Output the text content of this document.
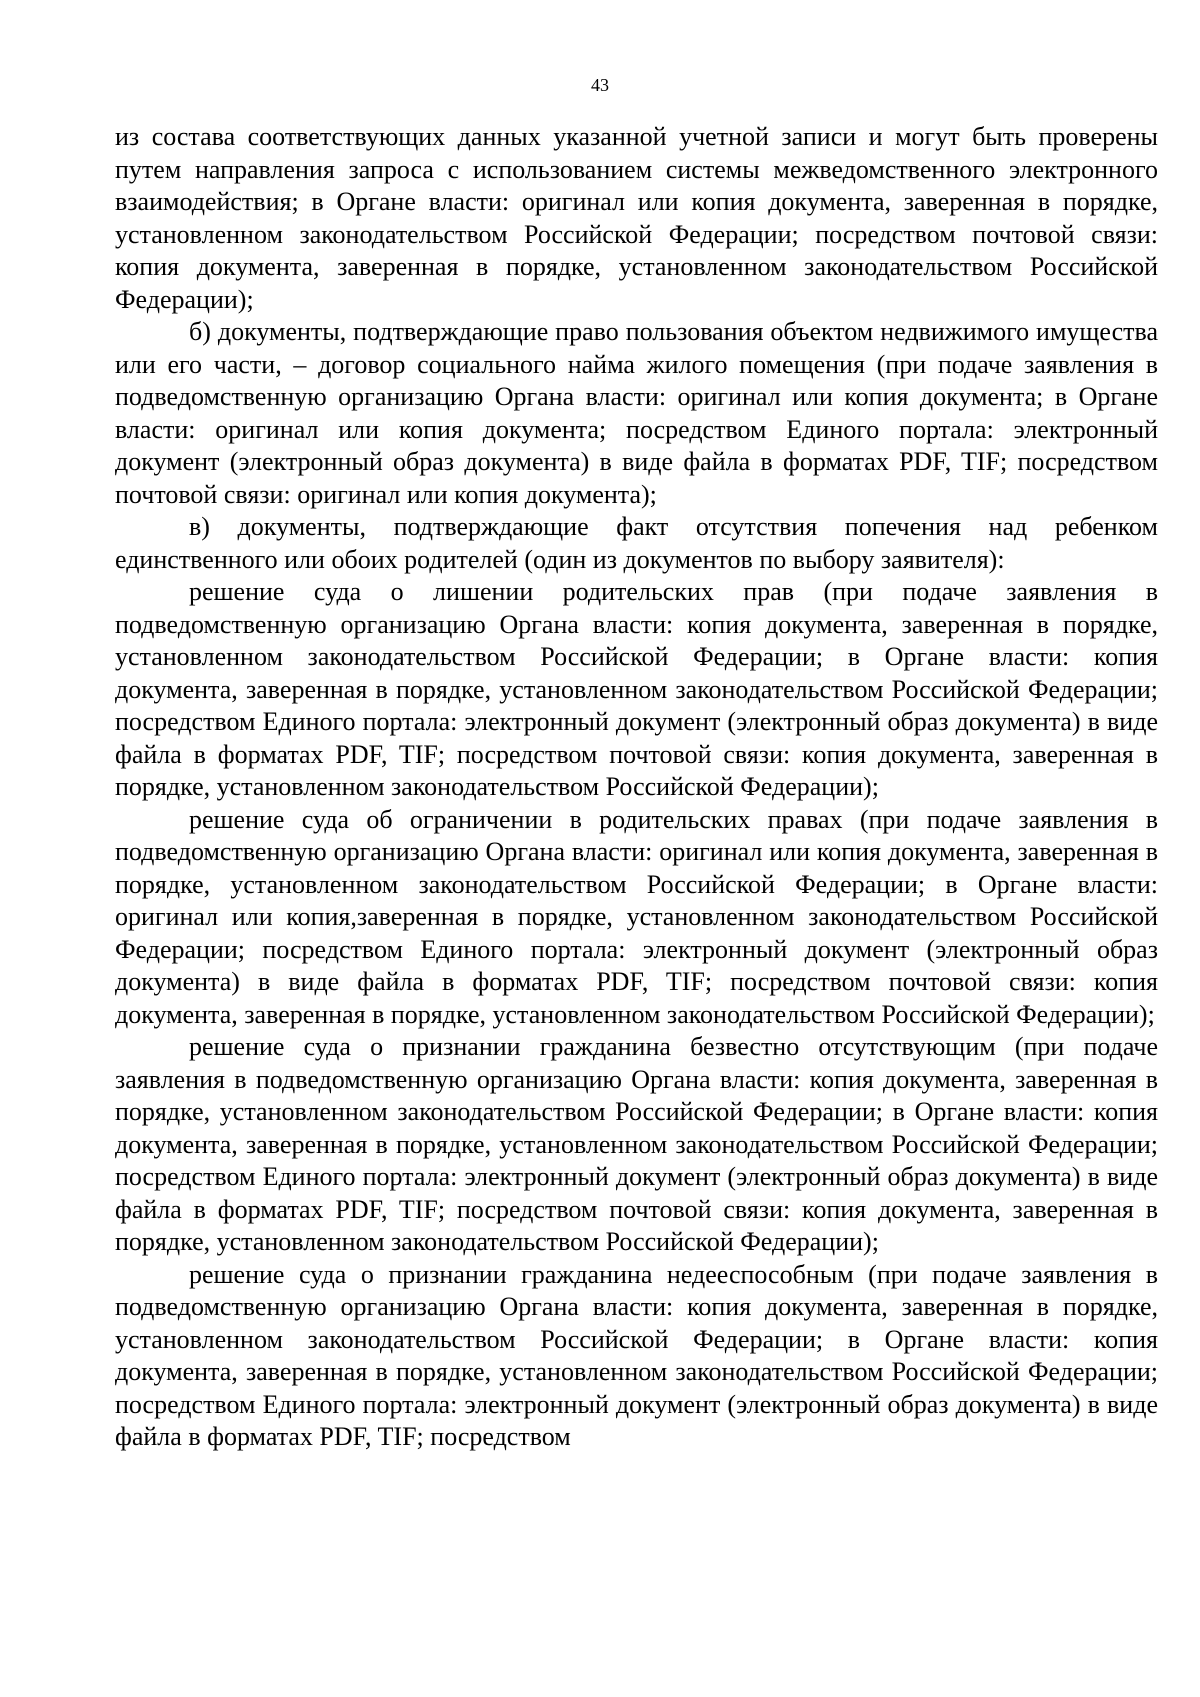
43

из состава соответствующих данных указанной учетной записи и могут быть проверены путем направления запроса с использованием системы межведомственного электронного взаимодействия; в Органе власти: оригинал или копия документа, заверенная в порядке, установленном законодательством Российской Федерации; посредством почтовой связи: копия документа, заверенная в порядке, установленном законодательством Российской Федерации);

б) документы, подтверждающие право пользования объектом недвижимого имущества или его части, – договор социального найма жилого помещения (при подаче заявления в подведомственную организацию Органа власти: оригинал или копия документа; в Органе власти: оригинал или копия документа; посредством Единого портала: электронный документ (электронный образ документа) в виде файла в форматах PDF, TIF; посредством почтовой связи: оригинал или копия документа);

в) документы, подтверждающие факт отсутствия попечения над ребенком единственного или обоих родителей (один из документов по выбору заявителя):

решение суда о лишении родительских прав (при подаче заявления в подведомственную организацию Органа власти: копия документа, заверенная в порядке, установленном законодательством Российской Федерации; в Органе власти: копия документа, заверенная в порядке, установленном законодательством Российской Федерации; посредством Единого портала: электронный документ (электронный образ документа) в виде файла в форматах PDF, TIF; посредством почтовой связи: копия документа, заверенная в порядке, установленном законодательством Российской Федерации);

решение суда об ограничении в родительских правах (при подаче заявления в подведомственную организацию Органа власти: оригинал или копия документа, заверенная в порядке, установленном законодательством Российской Федерации; в Органе власти: оригинал или копия,заверенная в порядке, установленном законодательством Российской Федерации; посредством Единого портала: электронный документ (электронный образ документа) в виде файла в форматах PDF, TIF; посредством почтовой связи: копия документа, заверенная в порядке, установленном законодательством Российской Федерации);

решение суда о признании гражданина безвестно отсутствующим (при подаче заявления в подведомственную организацию Органа власти: копия документа, заверенная в порядке, установленном законодательством Российской Федерации; в Органе власти: копия документа, заверенная в порядке, установленном законодательством Российской Федерации; посредством Единого портала: электронный документ (электронный образ документа) в виде файла в форматах PDF, TIF; посредством почтовой связи: копия документа, заверенная в порядке, установленном законодательством Российской Федерации);

решение суда о признании гражданина недееспособным (при подаче заявления в подведомственную организацию Органа власти: копия документа, заверенная в порядке, установленном законодательством Российской Федерации; в Органе власти: копия документа, заверенная в порядке, установленном законодательством Российской Федерации; посредством Единого портала: электронный документ (электронный образ документа) в виде файла в форматах PDF, TIF; посредством
